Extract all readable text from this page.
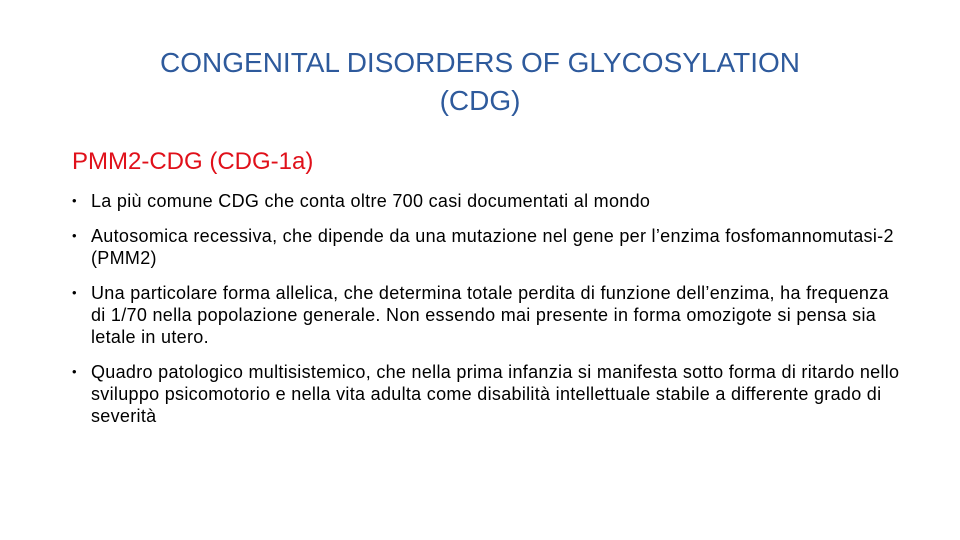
CONGENITAL DISORDERS OF GLYCOSYLATION
(CDG)
PMM2-CDG (CDG-1a)
• La più comune CDG che conta oltre 700 casi documentati al mondo
• Autosomica recessiva, che dipende da una mutazione nel gene per l’enzima fosfomannomutasi-2 (PMM2)
• Una particolare forma allelica, che determina totale perdita di funzione dell’enzima, ha frequenza di 1/70 nella popolazione generale. Non essendo mai presente in forma omozigote si pensa sia letale in utero.
• Quadro patologico multisistemico, che nella prima infanzia si manifesta sotto forma di ritardo nello sviluppo psicomotorio e nella vita adulta come disabilità intellettuale stabile a differente grado di severità
